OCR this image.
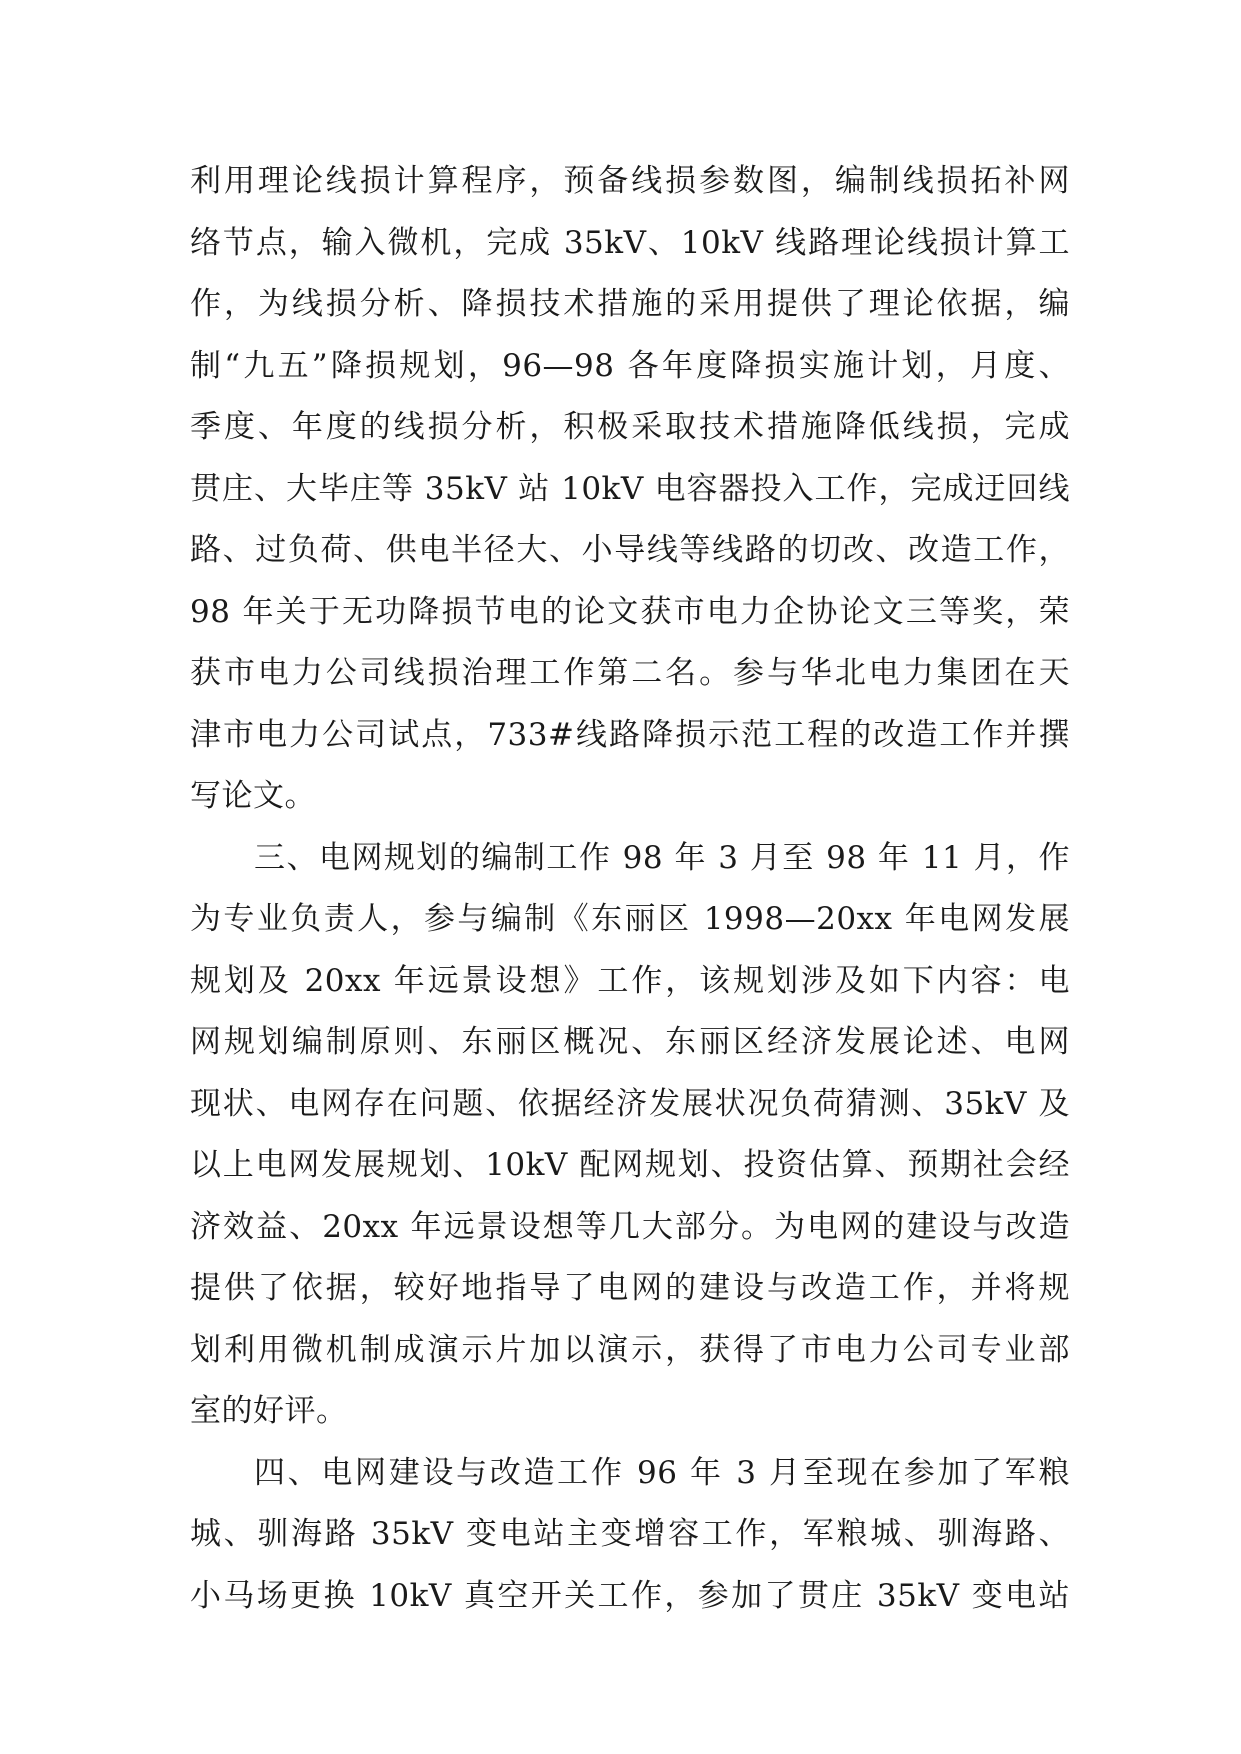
利用理论线损计算程序，预备线损参数图，编制线损拓补网
络节点，输入微机，完成 35kV、10kV 线路理论线损计算工
作，为线损分析、降损技术措施的采用提供了理论依据，编
制“九五”降损规划，96—98 各年度降损实施计划，月度、
季度、年度的线损分析，积极采取技术措施降低线损，完成
贯庄、大毕庄等 35kV 站 10kV 电容器投入工作，完成迂回线
路、过负荷、供电半径大、小导线等线路的切改、改造工作，
98 年关于无功降损节电的论文获市电力企协论文三等奖，荣
获市电力公司线损治理工作第二名。参与华北电力集团在天
津市电力公司试点，733#线路降损示范工程的改造工作并撰
写论文。
三、电网规划的编制工作 98 年 3 月至 98 年 11 月，作
为专业负责人，参与编制《东丽区 1998—20xx 年电网发展
规划及 20xx 年远景设想》工作，该规划涉及如下内容：电
网规划编制原则、东丽区概况、东丽区经济发展论述、电网
现状、电网存在问题、依据经济发展状况负荷猜测、35kV 及
以上电网发展规划、10kV 配网规划、投资估算、预期社会经
济效益、20xx 年远景设想等几大部分。为电网的建设与改造
提供了依据，较好地指导了电网的建设与改造工作，并将规
划利用微机制成演示片加以演示，获得了市电力公司专业部
室的好评。
四、电网建设与改造工作 96 年 3 月至现在参加了军粮
城、驯海路 35kV 变电站主变增容工作，军粮城、驯海路、
小马场更换 10kV 真空开关工作，参加了贯庄 35kV 变电站
